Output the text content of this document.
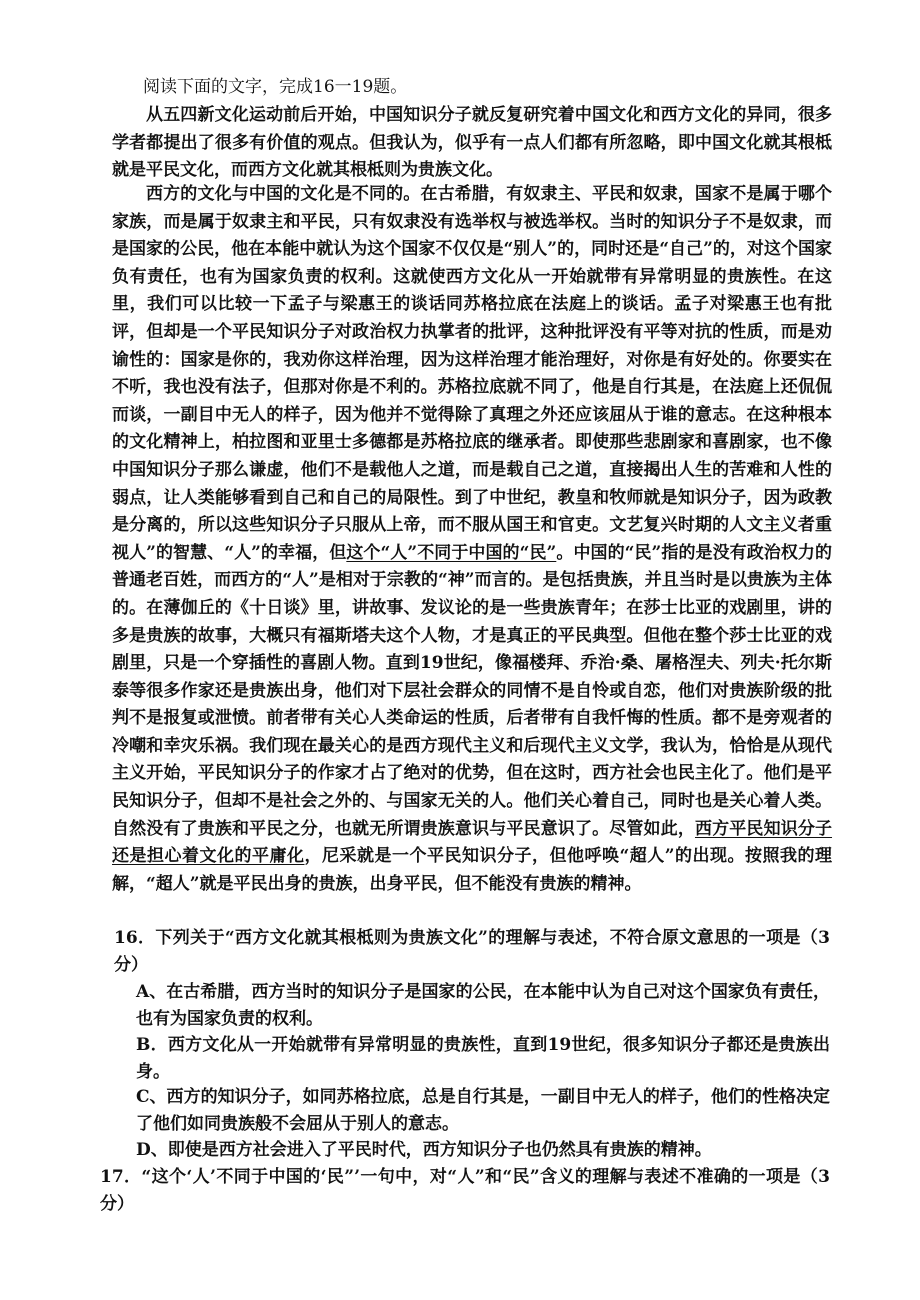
阅读下面的文字，完成16一19题。

从五四新文化运动前后开始，中国知识分子就反复研究着中国文化和西方文化的异同，很多学者都提出了很多有价值的观点。但我认为，似乎有一点人们都有所忽略，即中国文化就其根柢就是平民文化，而西方文化就其根柢则为贵族文化。

西方的文化与中国的文化是不同的。在古希腊，有奴隶主、平民和奴隶，国家不是属于哪个家族，而是属于奴隶主和平民，只有奴隶没有选举权与被选举权。当时的知识分子不是奴隶，而是国家的公民，他在本能中就认为这个国家不仅仅是“别人”的，同时还是“自己”的，对这个国家负有责任，也有为国家负责的权利。这就使西方文化从一开始就带有异常明显的贵族性。在这里，我们可以比较一下孟子与梁惠王的谈话同苏格拉底在法庭上的谈话。孟子对梁惠王也有批评，但却是一个平民知识分子对政治权力执掌者的批评，这种批评没有平等对抗的性质，而是劝谕性的：国家是你的，我劝你这样治理，因为这样治理才能治理好，对你是有好处的。你要实在不听，我也没有法子，但那对你是不利的。苏格拉底就不同了，他是自行其是，在法庭上还侃侃而谈，一副目中无人的样子，因为他并不觉得除了真理之外还应该屈从于谁的意志。在这种根本的文化精神上，柏拉图和亚里士多德都是苏格拉底的继承者。即使那些悲剧家和喜剧家，也不像中国知识分子那么谦虚，他们不是载他人之道，而是载自己之道，直接揭出人生的苦难和人性的弱点，让人类能够看到自己和自己的局限性。到了中世纪，教皇和牧师就是知识分子，因为政教是分离的，所以这些知识分子只服从上帝，而不服从国王和官吏。文艺复兴时期的人文主义者重视人”的智慧、“人”的幸福，但这个“人”不同于中国的“民”。中国的“民”指的是没有政治权力的普通老百姓，而西方的“人”是相对于宗教的“神”而言的。是包括贵族，并且当时是以贵族为主体的。在薄伽丘的《十日谈》里，讲故事、发议论的是一些贵族青年；在莎士比亚的戏剧里，讲的多是贵族的故事，大概只有福斯塔夫这个人物，才是真正的平民典型。但他在整个莎士比亚的戏剧里，只是一个穿插性的喜剧人物。直到19世纪，像福楼拜、乔治·桑、屠格涅夫、列夫·托尔斯泰等很多作家还是贵族出身，他们对下层社会群众的同情不是自怜或自恋，他们对贵族阶级的批判不是报复或泄愤。前者带有关心人类命运的性质，后者带有自我忏悔的性质。都不是旁观者的冷嘲和幸灾乐祸。我们现在最关心的是西方现代主义和后现代主义文学，我认为，恰恰是从现代主义开始，平民知识分子的作家才占了绝对的优势，但在这时，西方社会也民主化了。他们是平民知识分子，但却不是社会之外的、与国家无关的人。他们关心着自己，同时也是关心着人类。自然没有了贵族和平民之分，也就无所谓贵族意识与平民意识了。尽管如此，西方平民知识分子还是担心着文化的平庸化，尼采就是一个平民知识分子，但他呼唤“超人”的出现。按照我的理解，“超人”就是平民出身的贵族，出身平民，但不能没有贵族的精神。

16．下列关于“西方文化就其根柢则为贵族文化”的理解与表述，不符合原文意思的一项是（3分）

A、在古希腊，西方当时的知识分子是国家的公民，在本能中认为自己对这个国家负有责任，也有为国家负责的权利。

B．西方文化从一开始就带有异常明显的贵族性，直到19世纪，很多知识分子都还是贵族出身。

C、西方的知识分子，如同苏格拉底，总是自行其是，一副目中无人的样子，他们的性格决定了他们如同贵族般不会屈从于别人的意志。

D、即使是西方社会进入了平民时代，西方知识分子也仍然具有贵族的精神。

17．“这个‘人’不同于中国的‘民”’一句中，对“人”和“民”含义的理解与表述不准确的一项是（3分）
